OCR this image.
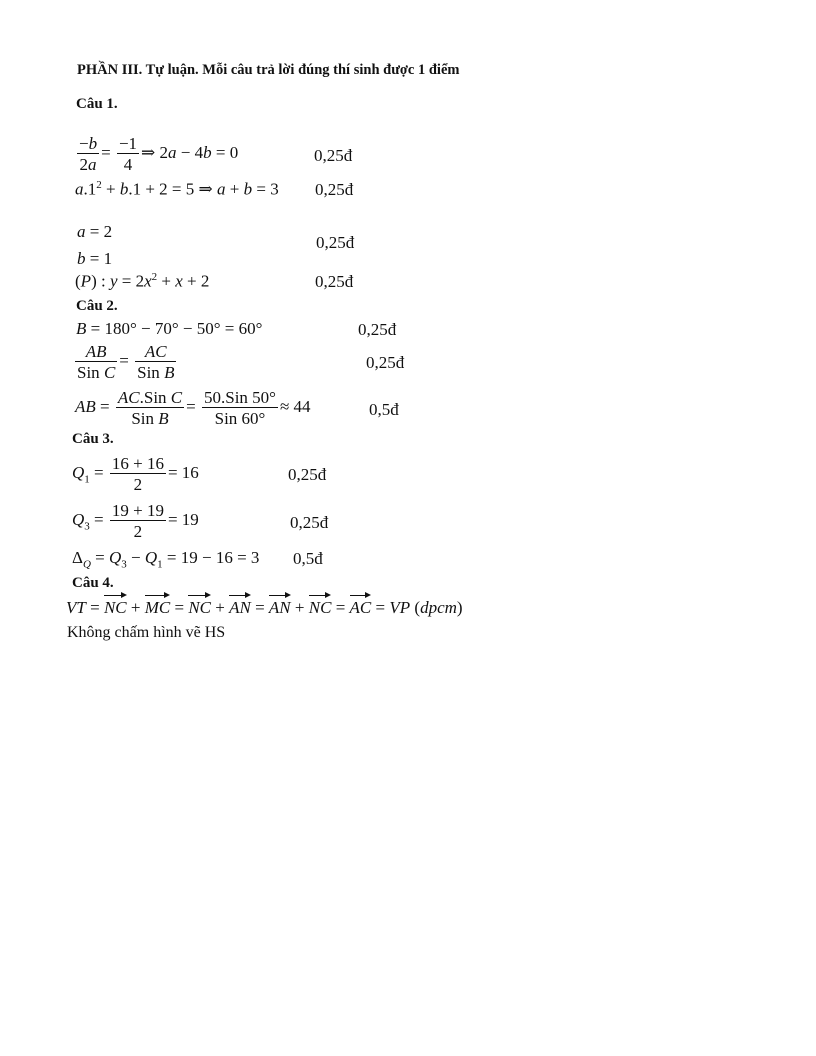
PHẦN III. Tự luận. Mỗi câu trả lời đúng thí sinh được 1 điểm
Câu 1.
$\frac{-b}{2a} = \frac{-1}{4}$ ⇒ 2a − 4b = 0	0,25đ
$a.1^2 + b.1 + 2 = 5$ ⇒ a + b = 3 0,25đ
a = 2
b = 1
0,25đ
(P) : $y = 2x^2 + x + 2$	0,25đ
Câu 2.
B = 180° − 70° − 50° = 60°	0,25đ
$\frac{AB}{\text{Sin C}} = \frac{AC}{\text{Sin B}}$	0,25đ
AB = $\frac{\text{AC.Sin C}}{\text{Sin B}} = \frac{\text{50.Sin 50°}}{\text{Sin 60°}} \approx 44$	0,5đ
Câu 3.
$Q_1 = \frac{16 + 16}{2} = 16$	0,25đ
$Q_3 = \frac{19 + 19}{2} = 19$	0,25đ
$\Delta_Q = Q_3 - Q_1 = 19 - 16 = 3$ 0,5đ
Câu 4.
VT = NC + MC = NC + AN = AN + NC = AC = VP (dpcm)
Không chấm hình vẽ HS
